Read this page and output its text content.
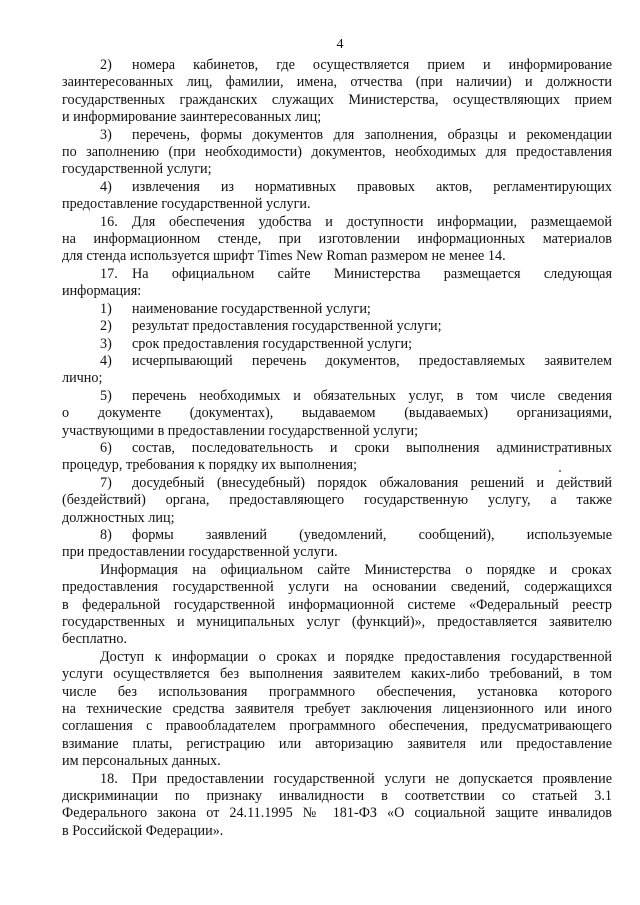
4
2)	номера кабинетов, где осуществляется прием и информирование
заинтересованных лиц, фамилии, имена, отчества (при наличии) и должности
государственных гражданских служащих Министерства, осуществляющих прием
и информирование заинтересованных лиц;
3)	перечень, формы документов для заполнения, образцы и рекомендации
по заполнению (при необходимости) документов, необходимых для предоставления
государственной услуги;
4)	извлечения из нормативных правовых актов, регламентирующих
предоставление государственной услуги.
16.	Для обеспечения удобства и доступности информации, размещаемой
на информационном стенде, при изготовлении информационных материалов
для стенда используется шрифт Times New Roman размером не менее 14.
17.	На официальном сайте Министерства размещается следующая
информация:
1)	наименование государственной услуги;
2)	результат предоставления государственной услуги;
3)	срок предоставления государственной услуги;
4)	исчерпывающий перечень документов, предоставляемых заявителем
лично;
5)	перечень необходимых и обязательных услуг, в том числе сведения
о документе (документах), выдаваемом (выдаваемых) организациями,
участвующими в предоставлении государственной услуги;
6)	состав, последовательность и сроки выполнения административных
процедур, требования к порядку их выполнения;
7)	досудебный (внесудебный) порядок обжалования решений и действий
(бездействий) органа, предоставляющего государственную услугу, а также
должностных лиц;
8)	формы заявлений (уведомлений, сообщений), используемые
при предоставлении государственной услуги.
Информация на официальном сайте Министерства о порядке и сроках
предоставления государственной услуги на основании сведений, содержащихся
в федеральной государственной информационной системе «Федеральный реестр
государственных и муниципальных услуг (функций)», предоставляется заявителю
бесплатно.
Доступ к информации о сроках и порядке предоставления государственной
услуги осуществляется без выполнения заявителем каких-либо требований, в том
числе без использования программного обеспечения, установка которого
на технические средства заявителя требует заключения лицензионного или иного
соглашения с правообладателем программного обеспечения, предусматривающего
взимание платы, регистрацию или авторизацию заявителя или предоставление
им персональных данных.
18.	При предоставлении государственной услуги не допускается проявление
дискриминации по признаку инвалидности в соответствии со статьей 3.1
Федерального закона от 24.11.1995 № 181-ФЗ «О социальной защите инвалидов
в Российской Федерации».
